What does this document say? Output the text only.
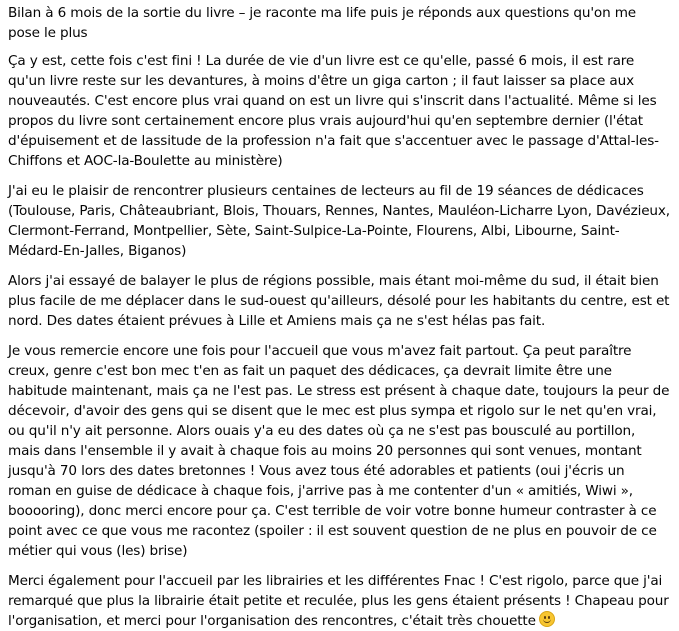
Bilan à 6 mois de la sortie du livre – je raconte ma life puis je réponds aux questions qu'on me pose le plus

Ça y est, cette fois c'est fini ! La durée de vie d'un livre est ce qu'elle, passé 6 mois, il est rare qu'un livre reste sur les devantures, à moins d'être un giga carton ; il faut laisser sa place aux nouveautés. C'est encore plus vrai quand on est un livre qui s'inscrit dans l'actualité. Même si les propos du livre sont certainement encore plus vrais aujourd'hui qu'en septembre dernier (l'état d'épuisement et de lassitude de la profession n'a fait que s'accentuer avec le passage d'Attal-les-Chiffons et AOC-la-Boulette au ministère)

J'ai eu le plaisir de rencontrer plusieurs centaines de lecteurs au fil de 19 séances de dédicaces (Toulouse, Paris, Châteaubriant, Blois, Thouars, Rennes, Nantes, Mauléon-Licharre Lyon, Davézieux, Clermont-Ferrand, Montpellier, Sète, Saint-Sulpice-La-Pointe, Flourens, Albi, Libourne, Saint-Médard-En-Jalles, Biganos)

Alors j'ai essayé de balayer le plus de régions possible, mais étant moi-même du sud, il était bien plus facile de me déplacer dans le sud-ouest qu'ailleurs, désolé pour les habitants du centre, est et nord. Des dates étaient prévues à Lille et Amiens mais ça ne s'est hélas pas fait.

Je vous remercie encore une fois pour l'accueil que vous m'avez fait partout. Ça peut paraître creux, genre c'est bon mec t'en as fait un paquet des dédicaces, ça devrait limite être une habitude maintenant, mais ça ne l'est pas. Le stress est présent à chaque date, toujours la peur de décevoir, d'avoir des gens qui se disent que le mec est plus sympa et rigolo sur le net qu'en vrai, ou qu'il n'y ait personne. Alors ouais y'a eu des dates où ça ne s'est pas bousculé au portillon, mais dans l'ensemble il y avait à chaque fois au moins 20 personnes qui sont venues, montant jusqu'à 70 lors des dates bretonnes ! Vous avez tous été adorables et patients (oui j'écris un roman en guise de dédicace à chaque fois, j'arrive pas à me contenter d'un « amitiés, Wiwi », booooring), donc merci encore pour ça. C'est terrible de voir votre bonne humeur contraster à ce point avec ce que vous me racontez (spoiler : il est souvent question de ne plus en pouvoir de ce métier qui vous (les) brise)

Merci également pour l'accueil par les librairies et les différentes Fnac ! C'est rigolo, parce que j'ai remarqué que plus la librairie était petite et reculée, plus les gens étaient présents ! Chapeau pour l'organisation, et merci pour l'organisation des rencontres, c'était très chouette
